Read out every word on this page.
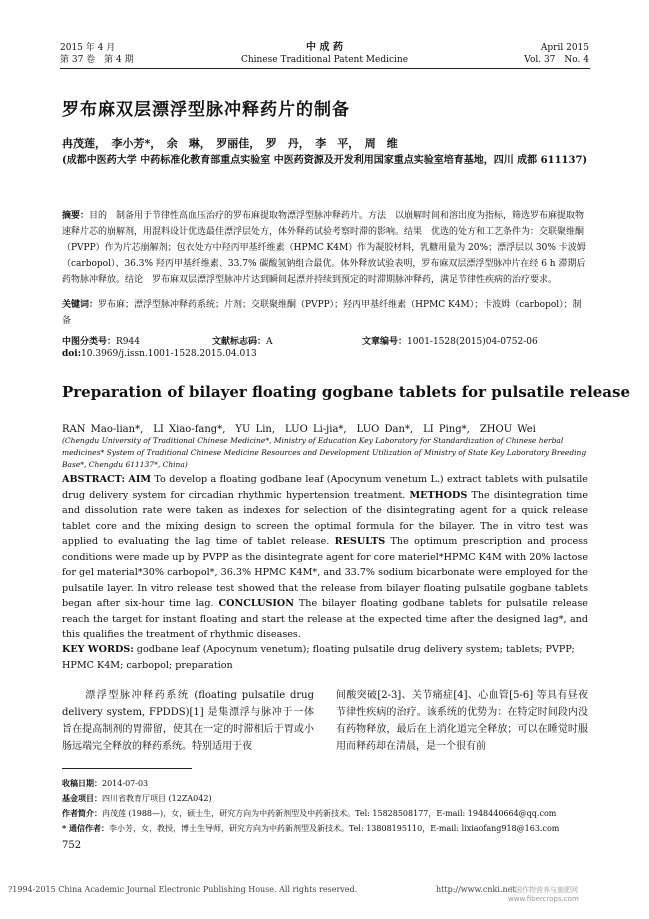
2015 年 4 月
第 37 卷　第 4 期
中 成 药
Chinese Traditional Patent Medicine
April 2015
Vol. 37　No. 4
罗布麻双层漂浮型脉冲释药片的制备
冉茂莲，　李小芳*，　余　琳，　罗丽佳，　罗　丹，　李　平，　周　维
(成都中医药大学 中药标准化教育部重点实验室 中医药资源及开发利用国家重点实验室培育基地，四川 成都 611137)
摘要：目的　制备用于节律性高血压治疗的罗布麻提取物漂浮型脉冲释药片。方法　以崩解时间和溶出度为指标，筛选罗布麻提取物速释片芯的崩解剂，用混料设计优选最佳漂浮层处方，体外释药试验考察时滞的影响。结果　优选的处方和工艺条件为：交联聚维酮（PVPP）作为片芯崩解剂；包衣处方中羟丙甲基纤维素（HPMC K4M）作为凝胶材料，乳糖用量为 20%；漂浮层以 30% 卡波姆（carbopol）、36.3% 羟丙甲基纤维素、33.7% 碳酸氢钠组合最优。体外释放试验表明，罗布麻双层漂浮型脉冲片在经 6 h 滞期后药物脉冲释放。结论　罗布麻双层漂浮型脉冲片达到瞬间起漂并持续到预定的时滞期脉冲释药，满足节律性疾病的治疗要求。
关键词：罗布麻；漂浮型脉冲释药系统；片剂；交联聚维酮（PVPP）；羟丙甲基纤维素（HPMC K4M）；卡波姆（carbopol）；制备
中图分类号：R944	文献标志码：A	文章编号：1001-1528(2015)04-0752-06
doi:10.3969/j.issn.1001-1528.2015.04.013
Preparation of bilayer floating gogbane tablets for pulsatile release
RAN Mao-lian*,　LI Xiao-fang*,　YU Lin,　LUO Li-jia*,　LUO Dan*,　LI Ping*,　ZHOU Wei
(Chengdu University of Traditional Chinese Medicine*, Ministry of Education Key Laboratory for Standardization of Chinese herbal medicines* System of Traditional Chinese Medicine Resources and Development Utilization of Ministry of State Key Laboratory Breeding Base*, Chengdu 611137*, China)
ABSTRACT: AIM To develop a floating godbane leaf (Apocynum venetum L.) extract tablets with pulsatile drug delivery system for circadian rhythmic hypertension treatment. METHODS The disintegration time and dissolution rate were taken as indexes for selection of the disintegrating agent for a quick release tablet core and the mixing design to screen the optimal formula for the bilayer. The in vitro test was applied to evaluating the lag time of tablet release. RESULTS The optimum prescription and process conditions were made up by PVPP as the disintegrate agent for core materiel*HPMC K4M with 20% lactose for gel material*30% carbopol*, 36.3% HPMC K4M*, and 33.7% sodium bicarbonate were employed for the pulsatile layer. In vitro release test showed that the release from bilayer floating pulsatile gogbane tablets began after six-hour time lag. CONCLUSION The bilayer floating godbane tablets for pulsatile release reach the target for instant floating and start the release at the expected time after the designed lag*, and this qualifies the treatment of rhythmic diseases.
KEY WORDS: godbane leaf (Apocynum venetum); floating pulsatile drug delivery system; tablets; PVPP; HPMC K4M; carbopol; preparation
　　漂浮型脉冲释药系统 (floating pulsatile drug delivery system, FPDDS)[1] 是集漂浮与脉冲于一体旨在提高制剂的胃滞留，使其在一定的时滞相后于胃或小肠远端完全释放的释药系统。特别适用于夜
间酸突破[2-3]、关节痛症[4]、心血管[5-6] 等具有昼夜节律性疾病的治疗。该系统的优势为：在特定时间段内没有药物释放，最后在上消化道完全释放；可以在睡觉时服用而释药却在清晨，是一个很有前
收稿日期：2014-07-03
基金项目：四川省教育厅项目 (12ZA042)
作者简介：冉茂莲 (1988—)，女，硕士生，研究方向为中药新剂型及中药新技术。Tel: 15828508177，E-mail: 1948440664@qq.com
* 通信作者：李小芳，女，教授，博士生导师，研究方向为中药新剂型及新技术。Tel: 13808195110，E-mail: lixiaofang918@163.com
752
?1994-2015 China Academic Journal Electronic Publishing House. All rights reserved.	http://www.cnki.net
中国作物营养与施肥网 www.fibercrops.com
